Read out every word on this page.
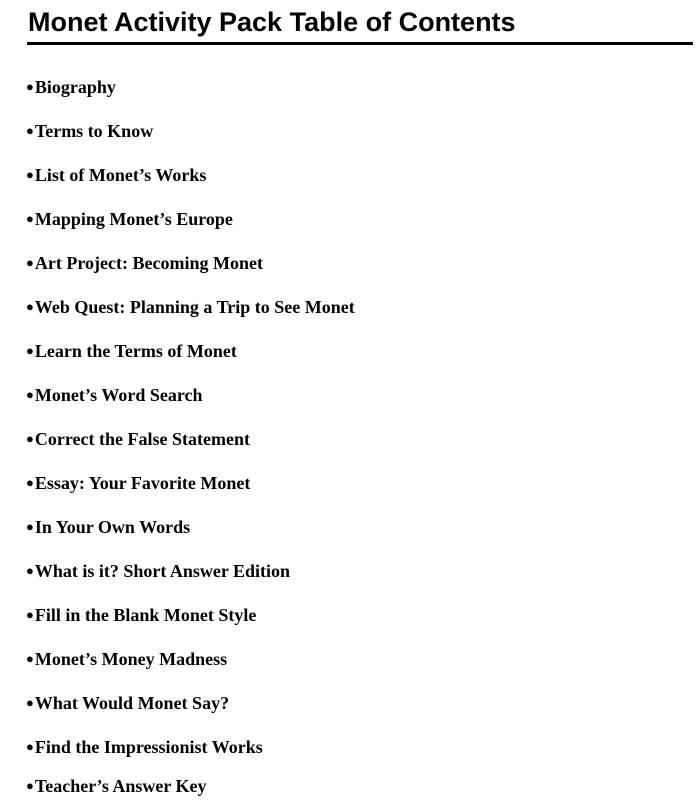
Monet Activity Pack Table of Contents
●Biography
●Terms to Know
●List of Monet’s Works
●Mapping Monet’s Europe
●Art Project: Becoming Monet
●Web Quest: Planning a Trip to See Monet
●Learn the Terms of Monet
●Monet’s Word Search
●Correct the False Statement
●Essay: Your Favorite Monet
●In Your Own Words
●What is it? Short Answer Edition
●Fill in the Blank Monet Style
●Monet’s Money Madness
●What Would Monet Say?
●Find the Impressionist Works
●Teacher’s Answer Key
